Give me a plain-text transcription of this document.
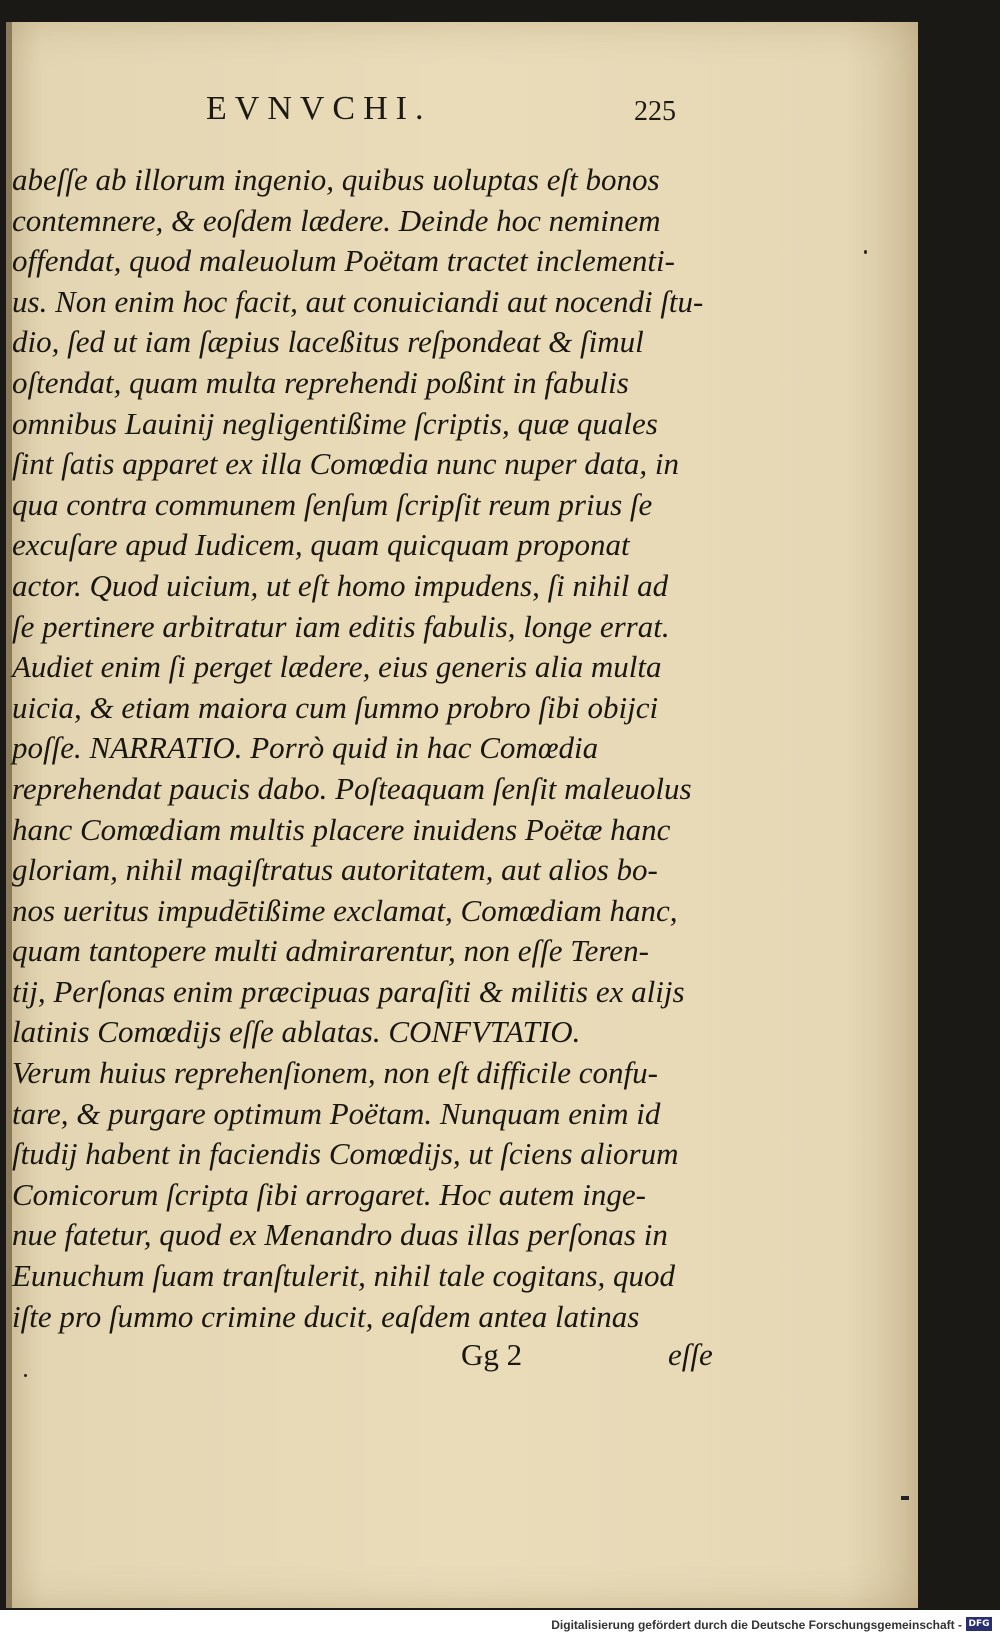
EVNVCHI.	225
abeſſe ab illorum ingenio, quibus uoluptas eſt bonos
contemnere, & eoſdem lædere. Deinde hoc neminem
offendat, quod maleuolum Poëtam tractet inclementi-
us. Non enim hoc facit, aut conuiciandi aut nocendi ſtu-
dio, ſed ut iam ſæpius laceßitus reſpondeat & ſimul
oſtendat, quam multa reprehendi poßint in fabulis
omnibus Lauinij negligentißime ſcriptis, quæ quales
ſint ſatis apparet ex illa Comœdia nunc nuper data, in
qua contra communem ſenſum ſcripſit reum prius ſe
excuſare apud Iudicem, quam quicquam proponat
actor. Quod uicium, ut eſt homo impudens, ſi nihil ad
ſe pertinere arbitratur iam editis fabulis, longe errat.
Audiet enim ſi perget lædere, eius generis alia multa
uicia, & etiam maiora cum ſummo probro ſibi obijci
poſſe. NARRATIO. Porrò quid in hac Comœdia
reprehendat paucis dabo. Poſteaquam ſenſit maleuolus
hanc Comœdiam multis placere inuidens Poëtæ hanc
gloriam, nihil magiſtratus autoritatem, aut alios bo-
nos ueritus impudētißime exclamat, Comœdiam hanc,
quam tantopere multi admirarentur, non eſſe Teren-
tij, Perſonas enim præcipuas paraſiti & militis ex alijs
latinis Comœdijs eſſe ablatas. CONFVTATIO.
Verum huius reprehenſionem, non eſt difficile confu-
tare, & purgare optimum Poëtam. Nunquam enim id
ſtudij habent in faciendis Comœdijs, ut ſciens aliorum
Comicorum ſcripta ſibi arrogaret. Hoc autem inge-
nue fatetur, quod ex Menandro duas illas perſonas in
Eunuchum ſuam tranſtulerit, nihil tale cogitans, quod
iſte pro ſummo crimine ducit, eaſdem antea latinas
Gg 2	eſſe
Digitalisierung gefördert durch die Deutsche Forschungsgemeinschaft - DFG
